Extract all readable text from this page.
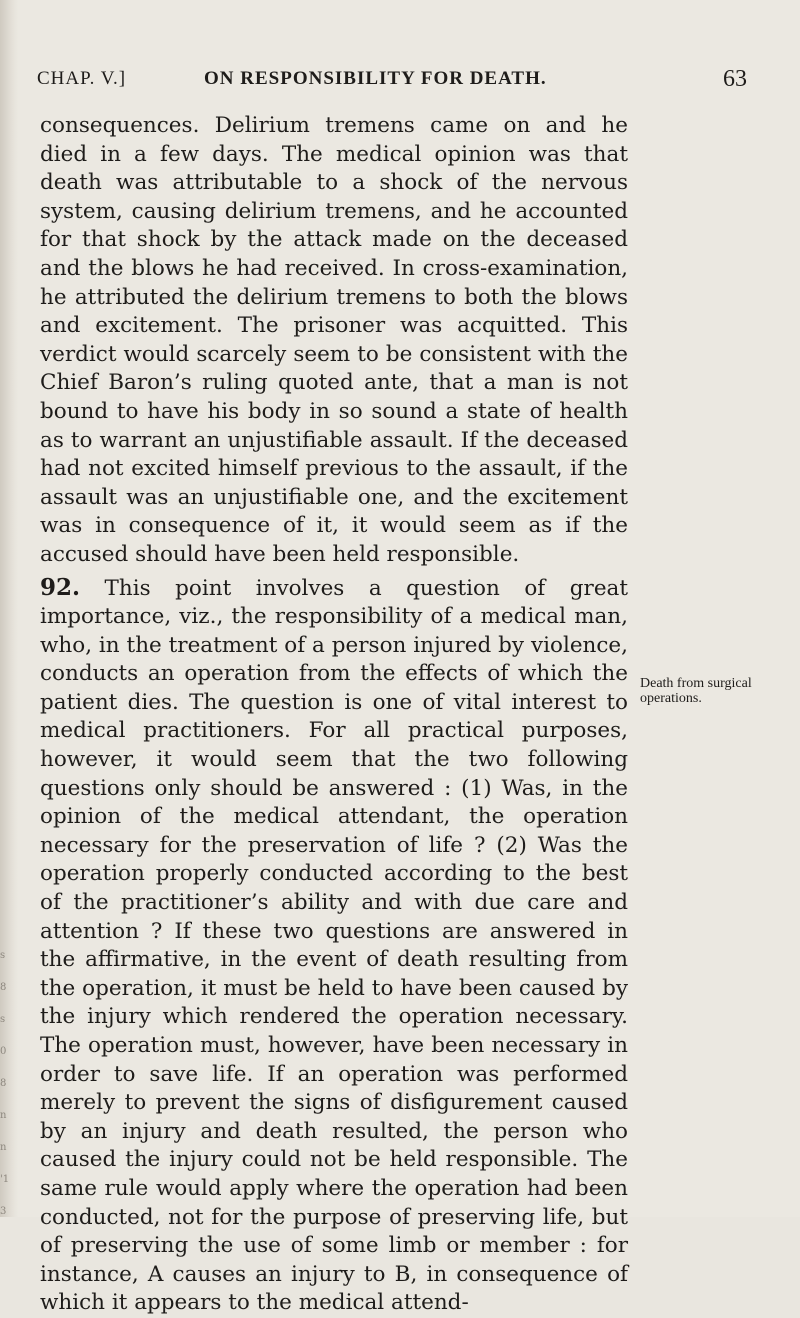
CHAP. V.]	ON RESPONSIBILITY FOR DEATH.	63

consequences. Delirium tremens came on and he died in a few days. The medical opinion was that death was attributable to a shock of the nervous system, causing delirium tremens, and he accounted for that shock by the attack made on the deceased and the blows he had received. In cross-examination, he attributed the delirium tremens to both the blows and excitement. The prisoner was acquitted. This verdict would scarcely seem to be consistent with the Chief Baron’s ruling quoted ante, that a man is not bound to have his body in so sound a state of health as to warrant an unjustifiable assault. If the deceased had not excited himself previous to the assault, if the assault was an unjustifiable one, and the excitement was in consequence of it, it would seem as if the accused should have been held responsible.

92. This point involves a question of great importance, viz., the responsibility of a medical man, who, in the treatment of a person injured by violence, conducts an operation from the effects of which the patient dies. The question is one of vital interest to medical practitioners. For all practical purposes, however, it would seem that the two following questions only should be answered : (1) Was, in the opinion of the medical attendant, the operation necessary for the preservation of life ? (2) Was the operation properly conducted according to the best of the practitioner’s ability and with due care and attention ? If these two questions are answered in the affirmative, in the event of death resulting from the operation, it must be held to have been caused by the injury which rendered the operation necessary. The operation must, however, have been necessary in order to save life. If an operation was performed merely to prevent the signs of disfigurement caused by an injury and death resulted, the person who caused the injury could not be held responsible. The same rule would apply where the operation had been conducted, not for the purpose of preserving life, but of preserving the use of some limb or member : for instance, A causes an injury to B, in consequence of which it appears to the medical attend-

Death from surgical operations.
s
8
s
0
8
n
n
'1
3
